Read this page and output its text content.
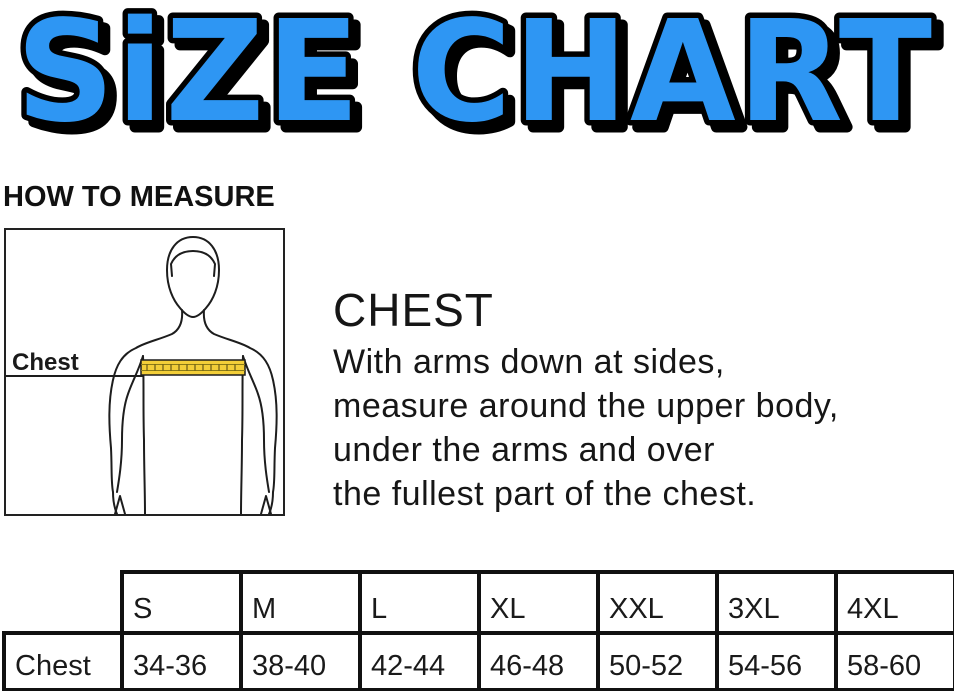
SiZE CHART
HOW TO MEASURE
Chest
CHEST
With arms down at sides,
measure around the upper body,
under the arms and over
the fullest part of the chest.
	S	M	L	XL	XXL	3XL	4XL
Chest	34-36	38-40	42-44	46-48	50-52	54-56	58-60
